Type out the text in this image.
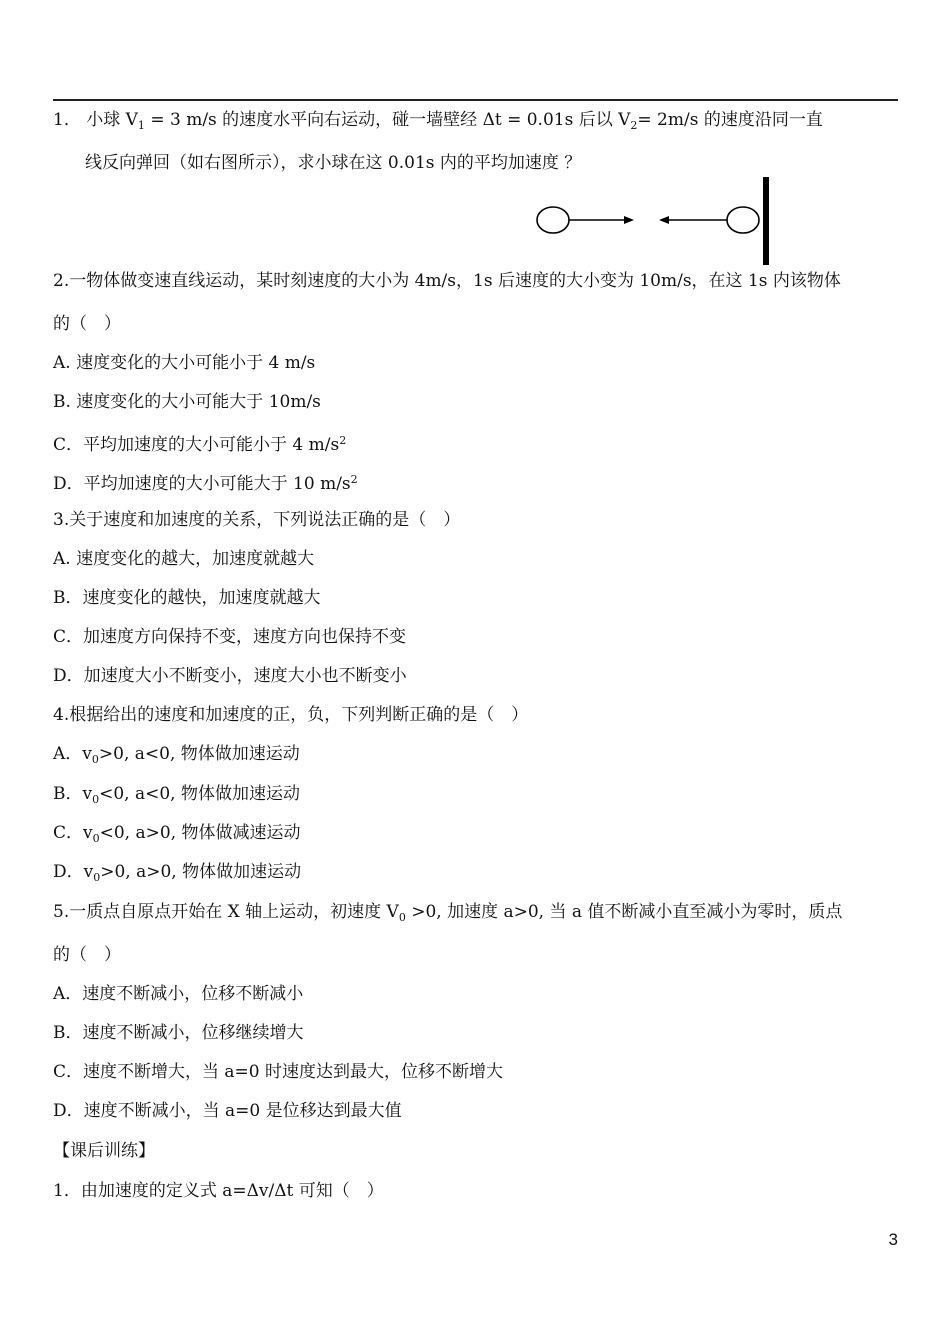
1． 小球 $V_1 = 3$ m/s 的速度水平向右运动，碰一墙壁经 Δt = 0.01s 后以 $V_2= 2m/s$ 的速度沿同一直
线反向弹回（如右图所示），求小球在这 0.01s 内的平均加速度 ？
2.一物体做变速直线运动，某时刻速度的大小为 4m/s，1s 后速度的大小变为 10m/s，在这 1s 内该物体
的（　）
A. 速度变化的大小可能小于 4 m/s
B. 速度变化的大小可能大于 10m/s
C．平均加速度的大小可能小于 4 $m/s^2$
D．平均加速度的大小可能大于 10 $m/s^2$
3.关于速度和加速度的关系，下列说法正确的是（　）
A. 速度变化的越大，加速度就越大
B．速度变化的越快，加速度就越大
C．加速度方向保持不变，速度方向也保持不变
D．加速度大小不断变小，速度大小也不断变小
4.根据给出的速度和加速度的正，负，下列判断正确的是（　）
A．$v_0>0$, a<0, 物体做加速运动
B．$v_0<0$, a<0, 物体做加速运动
C．$v_0<0$, a>0, 物体做减速运动
D．$v_0>0$, a>0, 物体做加速运动
5.一质点自原点开始在 X 轴上运动，初速度 $V_0 >0$, 加速度 a>0, 当 a 值不断减小直至减小为零时，质点
的（　）
A．速度不断减小，位移不断减小
B．速度不断减小，位移继续增大
C．速度不断增大，当 a=0 时速度达到最大，位移不断增大
D．速度不断减小，当 a=0 是位移达到最大值
【课后训练】
1．由加速度的定义式 a=Δv/Δt 可知（　）
3
